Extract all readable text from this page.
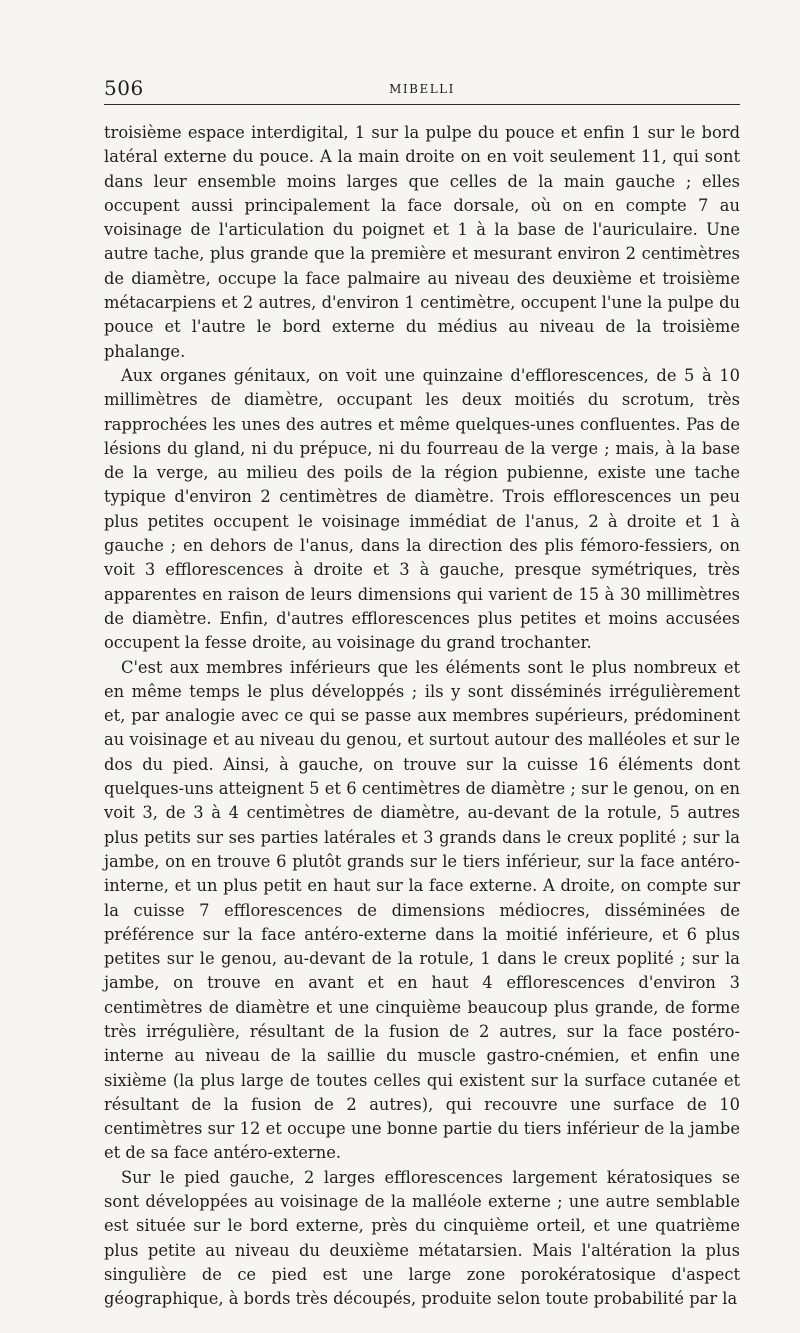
506	MIBELLI

troisième espace interdigital, 1 sur la pulpe du pouce et enfin 1 sur le bord latéral externe du pouce. A la main droite on en voit seulement 11, qui sont dans leur ensemble moins larges que celles de la main gauche ; elles occupent aussi principalement la face dorsale, où on en compte 7 au voisinage de l'articulation du poignet et 1 à la base de l'auriculaire. Une autre tache, plus grande que la première et mesurant environ 2 centimètres de diamètre, occupe la face palmaire au niveau des deuxième et troisième métacarpiens et 2 autres, d'environ 1 centimètre, occupent l'une la pulpe du pouce et l'autre le bord externe du médius au niveau de la troisième phalange.

Aux organes génitaux, on voit une quinzaine d'efflorescences, de 5 à 10 millimètres de diamètre, occupant les deux moitiés du scrotum, très rapprochées les unes des autres et même quelques-unes confluentes. Pas de lésions du gland, ni du prépuce, ni du fourreau de la verge ; mais, à la base de la verge, au milieu des poils de la région pubienne, existe une tache typique d'environ 2 centimètres de diamètre. Trois efflorescences un peu plus petites occupent le voisinage immédiat de l'anus, 2 à droite et 1 à gauche ; en dehors de l'anus, dans la direction des plis fémoro-fessiers, on voit 3 efflorescences à droite et 3 à gauche, presque symétriques, très apparentes en raison de leurs dimensions qui varient de 15 à 30 millimètres de diamètre. Enfin, d'autres efflorescences plus petites et moins accusées occupent la fesse droite, au voisinage du grand trochanter.

C'est aux membres inférieurs que les éléments sont le plus nombreux et en même temps le plus développés ; ils y sont disséminés irrégulièrement et, par analogie avec ce qui se passe aux membres supérieurs, prédominent au voisinage et au niveau du genou, et surtout autour des malléoles et sur le dos du pied. Ainsi, à gauche, on trouve sur la cuisse 16 éléments dont quelques-uns atteignent 5 et 6 centimètres de diamètre ; sur le genou, on en voit 3, de 3 à 4 centimètres de diamètre, au-devant de la rotule, 5 autres plus petits sur ses parties latérales et 3 grands dans le creux poplité ; sur la jambe, on en trouve 6 plutôt grands sur le tiers inférieur, sur la face antéro-interne, et un plus petit en haut sur la face externe. A droite, on compte sur la cuisse 7 efflorescences de dimensions médiocres, disséminées de préférence sur la face antéro-externe dans la moitié inférieure, et 6 plus petites sur le genou, au-devant de la rotule, 1 dans le creux poplité ; sur la jambe, on trouve en avant et en haut 4 efflorescences d'environ 3 centimètres de diamètre et une cinquième beaucoup plus grande, de forme très irrégulière, résultant de la fusion de 2 autres, sur la face postéro-interne au niveau de la saillie du muscle gastro-cnémien, et enfin une sixième (la plus large de toutes celles qui existent sur la surface cutanée et résultant de la fusion de 2 autres), qui recouvre une surface de 10 centimètres sur 12 et occupe une bonne partie du tiers inférieur de la jambe et de sa face antéro-externe.

Sur le pied gauche, 2 larges efflorescences largement kératosiques se sont développées au voisinage de la malléole externe ; une autre semblable est située sur le bord externe, près du cinquième orteil, et une quatrième plus petite au niveau du deuxième métatarsien. Mais l'altération la plus singulière de ce pied est une large zone porokératosique d'aspect géographique, à bords très découpés, produite selon toute probabilité par la
